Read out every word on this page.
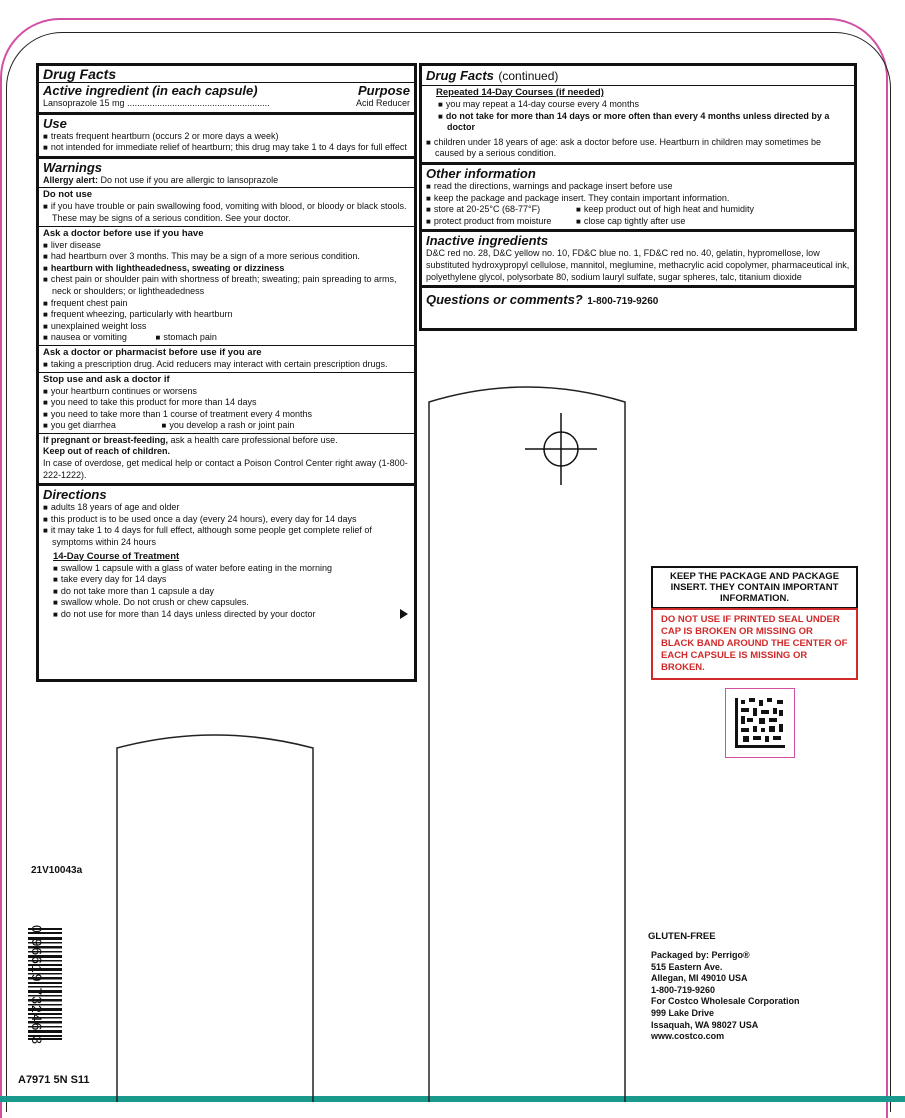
Drug Facts
Active ingredient (in each capsule)	Purpose
Lansoprazole 15 mg .........................................................	Acid Reducer
Use
■ treats frequent heartburn (occurs 2 or more days a week)
■ not intended for immediate relief of heartburn; this drug may take 1 to 4 days for full effect
Warnings
Allergy alert: Do not use if you are allergic to lansoprazole
Do not use
■ if you have trouble or pain swallowing food, vomiting with blood, or bloody or black stools. These may be signs of a serious condition. See your doctor.
Ask a doctor before use if you have
■ liver disease
■ had heartburn over 3 months. This may be a sign of a more serious condition.
■ heartburn with lightheadedness, sweating or dizziness
■ chest pain or shoulder pain with shortness of breath; sweating; pain spreading to arms, neck or shoulders; or lightheadedness
■ frequent chest pain
■ frequent wheezing, particularly with heartburn
■ unexplained weight loss
■ nausea or vomiting	■ stomach pain
Ask a doctor or pharmacist before use if you are
■ taking a prescription drug. Acid reducers may interact with certain prescription drugs.
Stop use and ask a doctor if
■ your heartburn continues or worsens
■ you need to take this product for more than 14 days
■ you need to take more than 1 course of treatment every 4 months
■ you get diarrhea	■ you develop a rash or joint pain
If pregnant or breast-feeding, ask a health care professional before use.
Keep out of reach of children.
In case of overdose, get medical help or contact a Poison Control Center right away (1-800-222-1222).
Directions
■ adults 18 years of age and older
■ this product is to be used once a day (every 24 hours), every day for 14 days
■ it may take 1 to 4 days for full effect, although some people get complete relief of symptoms within 24 hours
14-Day Course of Treatment
■ swallow 1 capsule with a glass of water before eating in the morning
■ take every day for 14 days
■ do not take more than 1 capsule a day
■ swallow whole. Do not crush or chew capsules.
■ do not use for more than 14 days unless directed by your doctor
Drug Facts (continued)
Repeated 14-Day Courses (if needed)
■ you may repeat a 14-day course every 4 months
■ do not take for more than 14 days or more often than every 4 months unless directed by a doctor
■ children under 18 years of age: ask a doctor before use. Heartburn in children may sometimes be caused by a serious condition.
Other information
■ read the directions, warnings and package insert before use
■ keep the package and package insert. They contain important information.
■ store at 20-25°C (68-77°F)	■ keep product out of high heat and humidity
■ protect product from moisture	■ close cap tightly after use
Inactive ingredients
D&C red no. 28, D&C yellow no. 10, FD&C blue no. 1, FD&C red no. 40, gelatin, hypromellose, low substituted hydroxypropyl cellulose, mannitol, meglumine, methacrylic acid copolymer, pharmaceutical ink, polyethylene glycol, polysorbate 80, sodium lauryl sulfate, sugar spheres, talc, titanium dioxide
Questions or comments? 1-800-719-9260
KEEP THE PACKAGE AND PACKAGE INSERT. THEY CONTAIN IMPORTANT INFORMATION.
DO NOT USE IF PRINTED SEAL UNDER CAP IS BROKEN OR MISSING OR BLACK BAND AROUND THE CENTER OF EACH CAPSULE IS MISSING OR BROKEN.
21V10043a
0 96619 73246 3
A7971 5N S11
GLUTEN-FREE
Packaged by: Perrigo®
515 Eastern Ave.
Allegan, MI 49010 USA
1-800-719-9260
For Costco Wholesale Corporation
999 Lake Drive
Issaquah, WA 98027 USA
www.costco.com
